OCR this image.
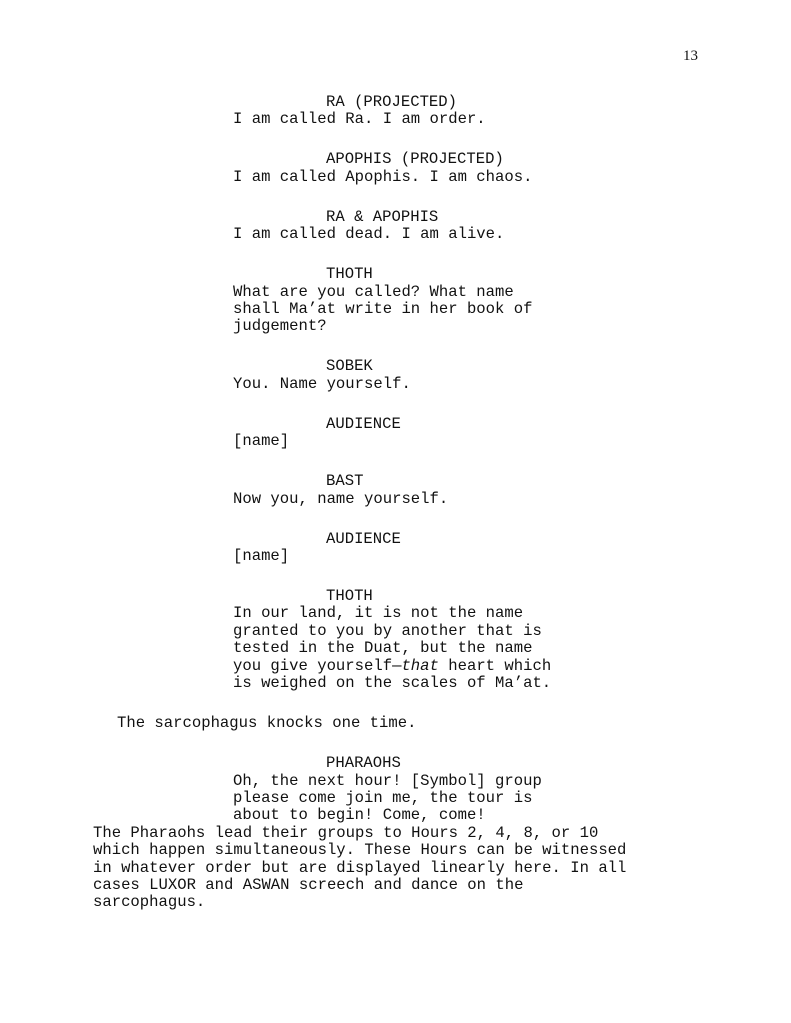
13
RA (PROJECTED)
I am called Ra. I am order.
APOPHIS (PROJECTED)
I am called Apophis. I am chaos.
RA & APOPHIS
I am called dead. I am alive.
THOTH
What are you called? What name
shall Ma’at write in her book of
judgement?
SOBEK
You. Name yourself.
AUDIENCE
[name]
BAST
Now you, name yourself.
AUDIENCE
[name]
THOTH
In our land, it is not the name
granted to you by another that is
tested in the Duat, but the name
you give yourself—that heart which
is weighed on the scales of Ma’at.
The sarcophagus knocks one time.
PHARAOHS
Oh, the next hour! [Symbol] group
please come join me, the tour is
about to begin! Come, come!
The Pharaohs lead their groups to Hours 2, 4, 8, or 10
which happen simultaneously. These Hours can be witnessed
in whatever order but are displayed linearly here. In all
cases LUXOR and ASWAN screech and dance on the
sarcophagus.
